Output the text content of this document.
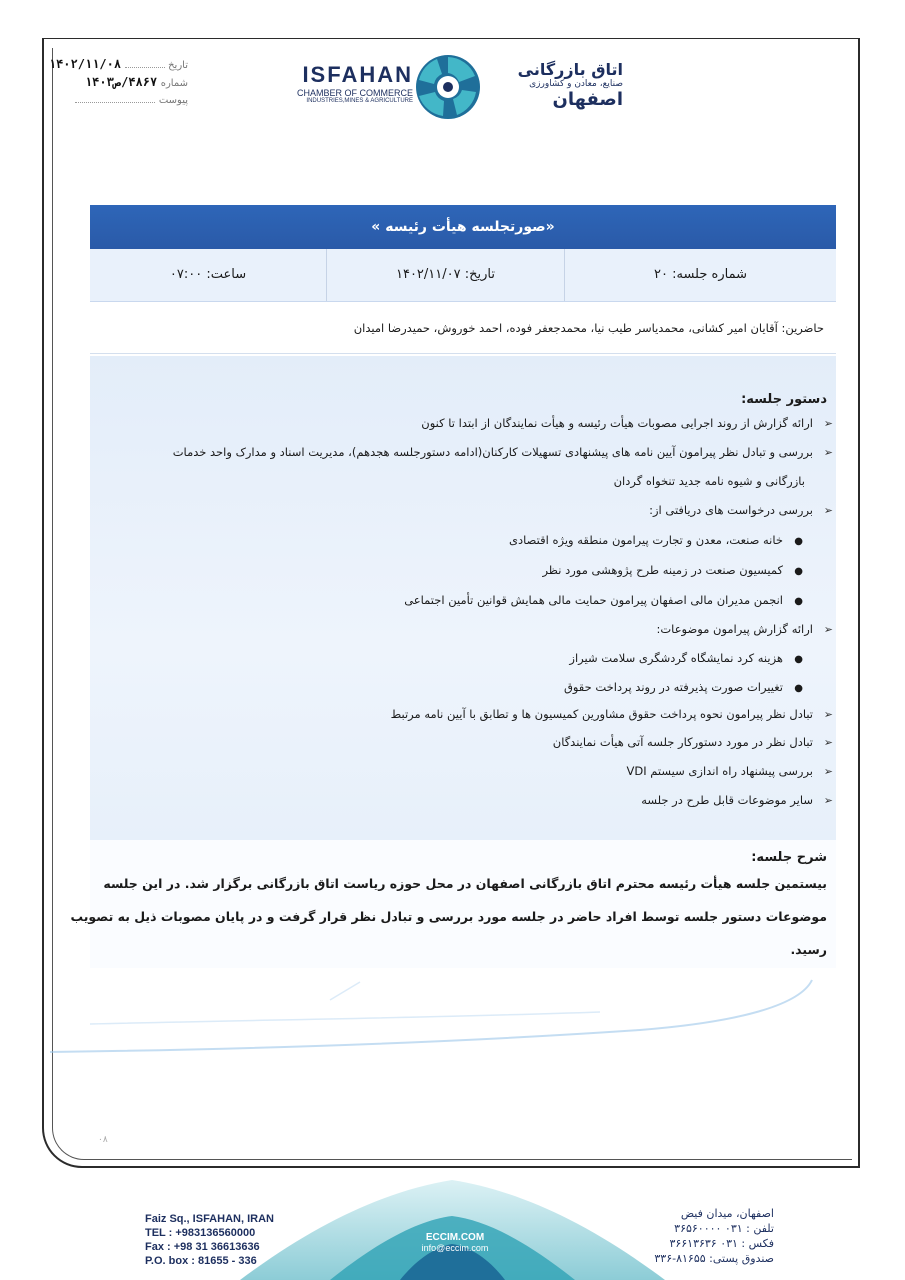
تاریخ  ۱۴۰۲/۱۱/۰۸
شماره ۴۸۶۷/ص۱۴۰۳
پیوست
ISFAHAN
CHAMBER OF COMMERCE
INDUSTRIES,MINES & AGRICULTURE
اتاق بازرگانی
صنایع، معادن و کشاورزی
اصفهان
«صورتجلسه هیأت رئیسه »
ساعت: ۰۷:۰۰	تاریخ: ۱۴۰۲/۱۱/۰۷	شماره جلسه: ۲۰
حاضرین: آقایان امیر کشانی، محمدیاسر طیب نیا، محمدجعفر فوده، احمد خوروش، حمیدرضا امیدان
دستور جلسه:
➢ارائه گزارش از روند اجرایی مصوبات هیأت رئیسه و هیأت نمایندگان از ابتدا تا کنون
➢بررسی و تبادل نظر پیرامون آیین نامه های پیشنهادی تسهیلات کارکنان(ادامه دستورجلسه هجدهم)، مدیریت اسناد و مدارک واحد خدمات
بازرگانی و شیوه نامه جدید تنخواه گردان
➢بررسی درخواست های دریافتی از:
●خانه صنعت، معدن و تجارت پیرامون منطقه ویژه اقتصادی
●کمیسیون صنعت در زمینه طرح پژوهشی مورد نظر
●انجمن مدیران مالی اصفهان پیرامون حمایت مالی همایش قوانین تأمین اجتماعی
➢ارائه گزارش پیرامون موضوعات:
●هزینه کرد نمایشگاه گردشگری سلامت شیراز
●تغییرات صورت پذیرفته در روند پرداخت حقوق
➢تبادل نظر پیرامون نحوه پرداخت حقوق مشاورین کمیسیون ها و تطابق با آیین نامه مرتبط
➢تبادل نظر در مورد دستورکار جلسه آتی هیأت نمایندگان
➢بررسی پیشنهاد راه اندازی سیستم VDI
➢سایر موضوعات قابل طرح در جلسه
شرح جلسه:
بیستمین جلسه هیأت رئیسه محترم اتاق بازرگانی اصفهان در محل حوزه ریاست اتاق بازرگانی برگزار شد. در این جلسه
موضوعات دستور جلسه توسط افراد حاضر در جلسه مورد بررسی و تبادل نظر قرار گرفت و در پایان مصوبات ذیل به تصویب
رسید.
۰۸
Faiz Sq., ISFAHAN, IRAN
TEL : +983136560000
Fax : +98 31 36613636
P.O. box : 81655 - 336
ECCIM.COM
info@eccim.com
اصفهان، میدان فیض
تلفن : ۰۳۱ ۳۶۵۶۰۰۰۰
فکس : ۰۳۱ ۳۶۶۱۳۶۳۶
صندوق پستی: ۸۱۶۵۵-۳۳۶
